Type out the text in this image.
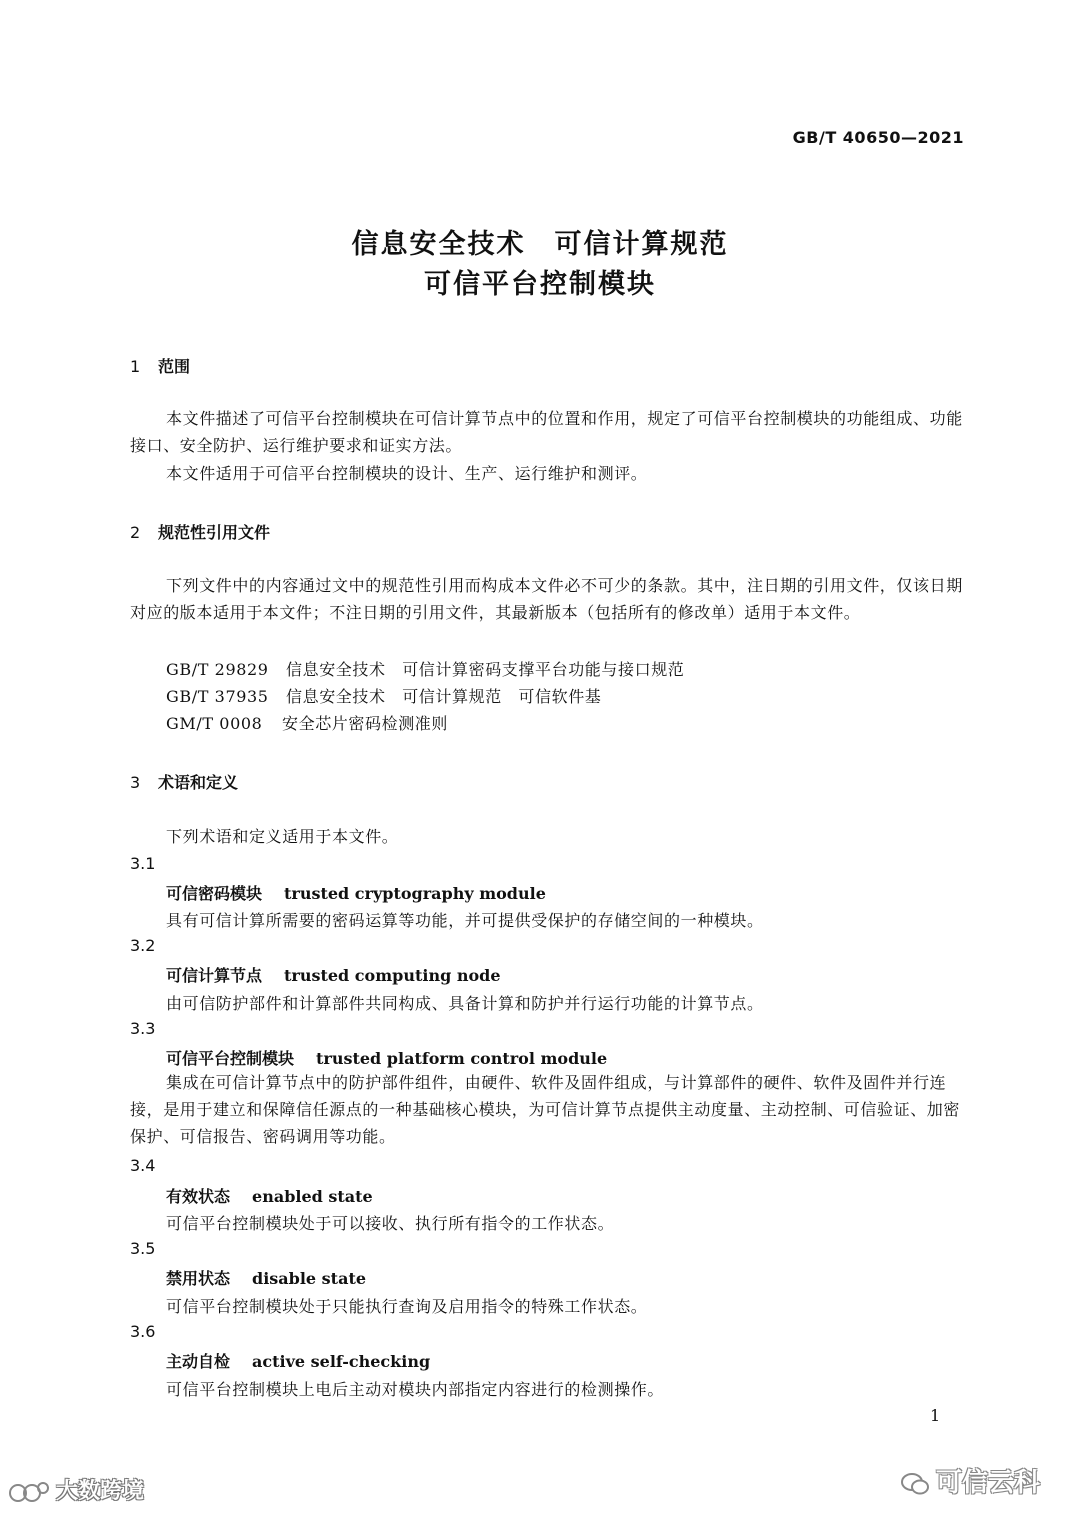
GB/T 40650—2021
信息安全技术　可信计算规范
可信平台控制模块
1 范围
本文件描述了可信平台控制模块在可信计算节点中的位置和作用，规定了可信平台控制模块的功能组成、功能接口、安全防护、运行维护要求和证实方法。
本文件适用于可信平台控制模块的设计、生产、运行维护和测评。
2 规范性引用文件
下列文件中的内容通过文中的规范性引用而构成本文件必不可少的条款。其中，注日期的引用文件，仅该日期对应的版本适用于本文件；不注日期的引用文件，其最新版本（包括所有的修改单）适用于本文件。
GB/T 29829 信息安全技术　可信计算密码支撑平台功能与接口规范
GB/T 37935 信息安全技术　可信计算规范　可信软件基
GM/T 0008 安全芯片密码检测准则
3 术语和定义
下列术语和定义适用于本文件。
3.1
可信密码模块 trusted cryptography module
具有可信计算所需要的密码运算等功能，并可提供受保护的存储空间的一种模块。
3.2
可信计算节点 trusted computing node
由可信防护部件和计算部件共同构成、具备计算和防护并行运行功能的计算节点。
3.3
可信平台控制模块 trusted platform control module
集成在可信计算节点中的防护部件组件，由硬件、软件及固件组成，与计算部件的硬件、软件及固件并行连接，是用于建立和保障信任源点的一种基础核心模块，为可信计算节点提供主动度量、主动控制、可信验证、加密保护、可信报告、密码调用等功能。
3.4
有效状态 enabled state
可信平台控制模块处于可以接收、执行所有指令的工作状态。
3.5
禁用状态 disable state
可信平台控制模块处于只能执行查询及启用指令的特殊工作状态。
3.6
主动自检 active self-checking
可信平台控制模块上电后主动对模块内部指定内容进行的检测操作。
1
大数跨境	可信云科
